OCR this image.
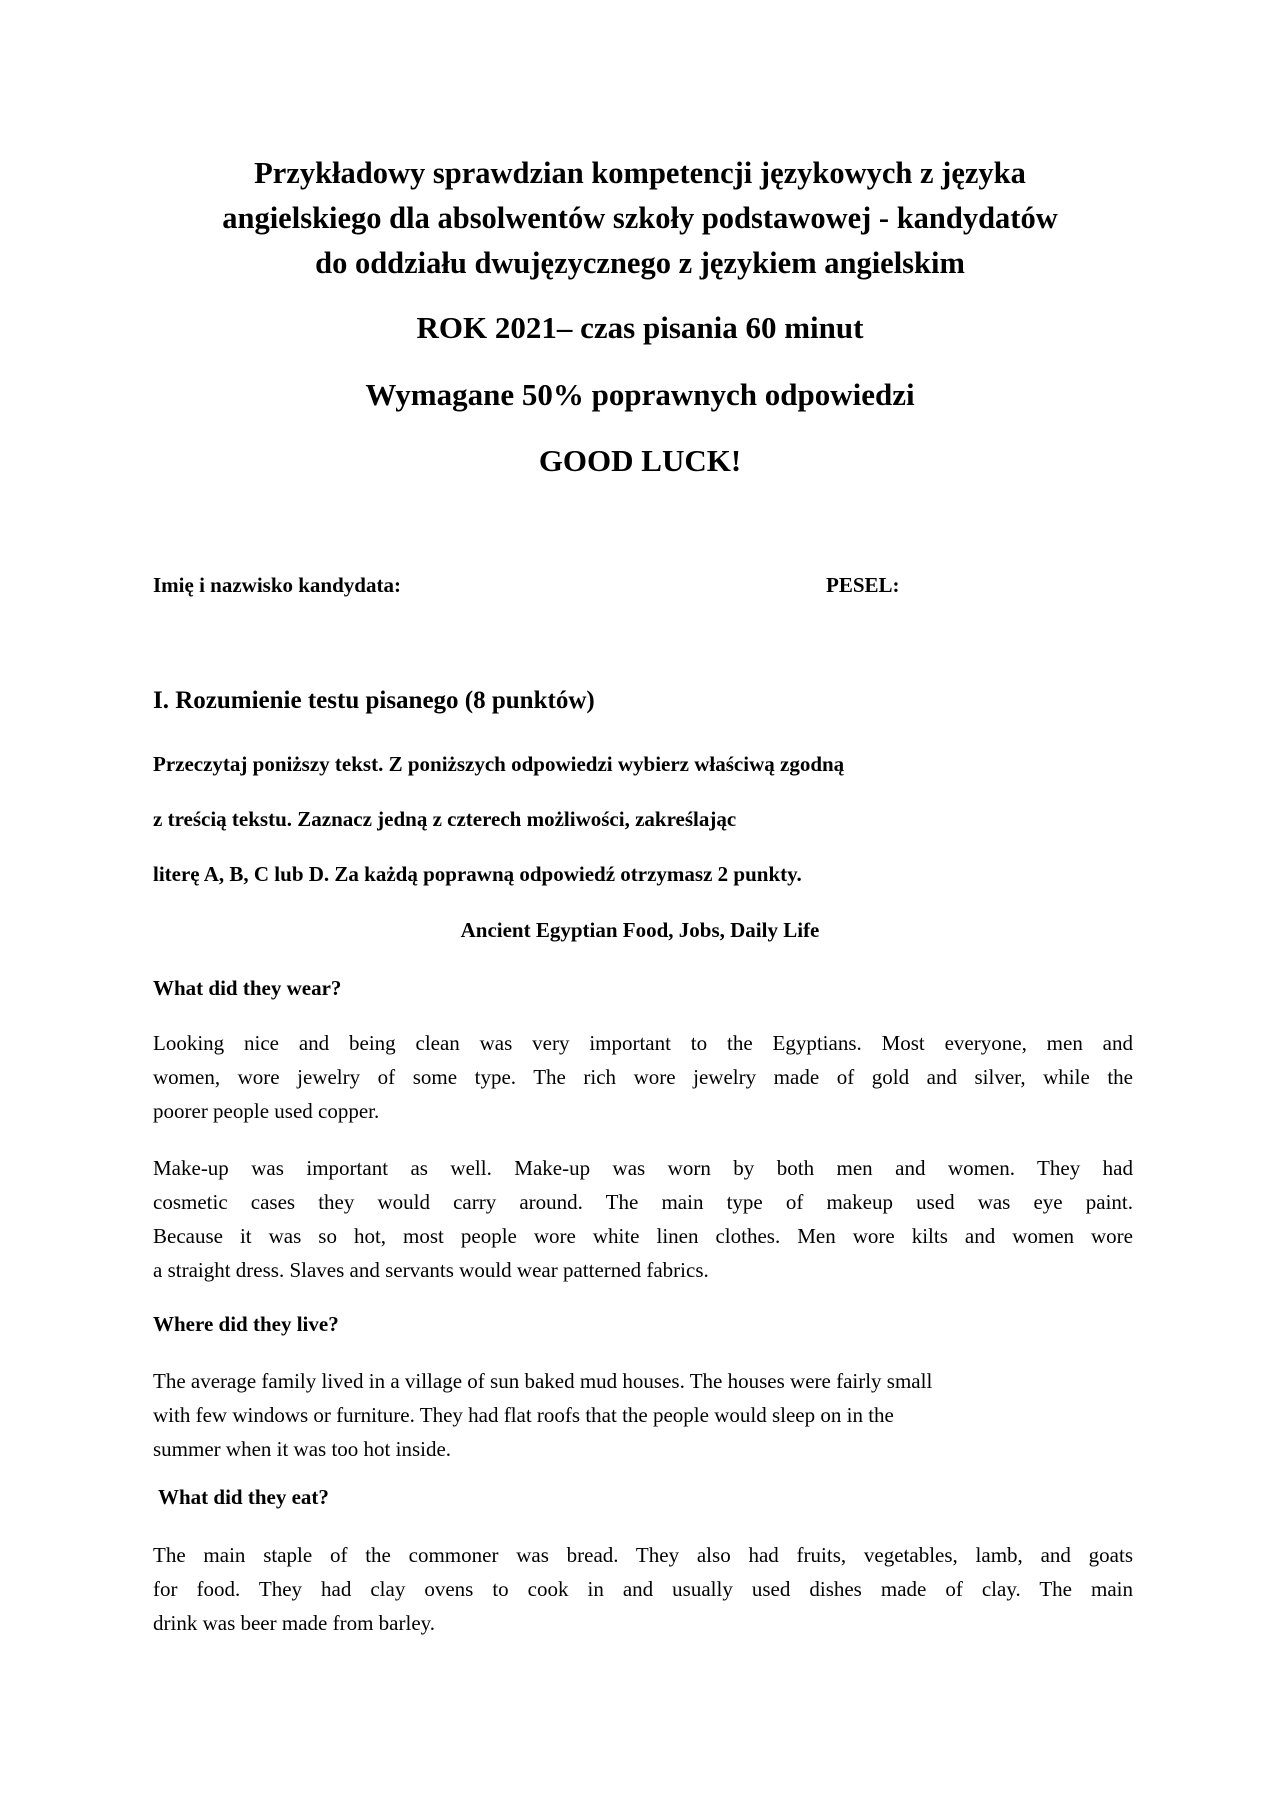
Przykładowy sprawdzian kompetencji językowych z języka
angielskiego dla absolwentów szkoły podstawowej - kandydatów
do oddziału dwujęzycznego z językiem angielskim
ROK 2021– czas pisania 60 minut
Wymagane 50% poprawnych odpowiedzi
GOOD LUCK!
Imię i nazwisko kandydata:	PESEL:
I. Rozumienie testu pisanego (8 punktów)
Przeczytaj poniższy tekst. Z poniższych odpowiedzi wybierz właściwą zgodną
z treścią tekstu. Zaznacz jedną z czterech możliwości, zakreślając
literę A, B, C lub D. Za każdą poprawną odpowiedź otrzymasz 2 punkty.
Ancient Egyptian Food, Jobs, Daily Life
What did they wear?
Looking nice and being clean was very important to the Egyptians. Most everyone, men and
women, wore jewelry of some type. The rich wore jewelry made of gold and silver, while the
poorer people used copper.
Make-up was important as well. Make-up was worn by both men and women. They had
cosmetic cases they would carry around. The main type of makeup used was eye paint.
Because it was so hot, most people wore white linen clothes. Men wore kilts and women wore
a straight dress. Slaves and servants would wear patterned fabrics.
Where did they live?
The average family lived in a village of sun baked mud houses. The houses were fairly small
with few windows or furniture. They had flat roofs that the people would sleep on in the
summer when it was too hot inside.
What did they eat?
The main staple of the commoner was bread. They also had fruits, vegetables, lamb, and goats
for food. They had clay ovens to cook in and usually used dishes made of clay. The main
drink was beer made from barley.
